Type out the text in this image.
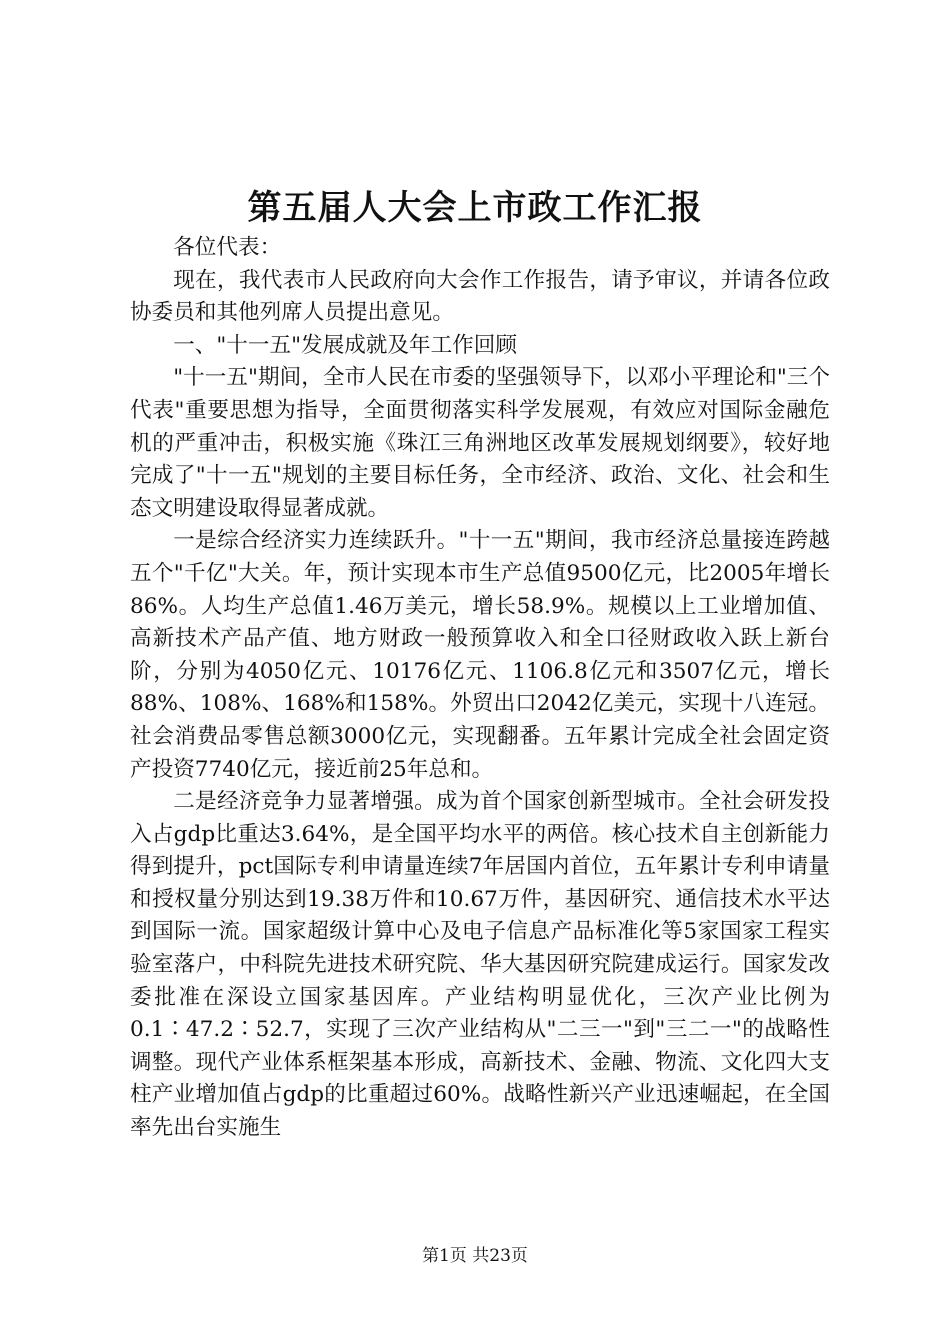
第五届人大会上市政工作汇报

各位代表：

现在，我代表市人民政府向大会作工作报告，请予审议，并请各位政协委员和其他列席人员提出意见。

一、"十一五"发展成就及年工作回顾

"十一五"期间，全市人民在市委的坚强领导下，以邓小平理论和"三个代表"重要思想为指导，全面贯彻落实科学发展观，有效应对国际金融危机的严重冲击，积极实施《珠江三角洲地区改革发展规划纲要》，较好地完成了"十一五"规划的主要目标任务，全市经济、政治、文化、社会和生态文明建设取得显著成就。

一是综合经济实力连续跃升。"十一五"期间，我市经济总量接连跨越五个"千亿"大关。年，预计实现本市生产总值9500亿元，比2005年增长86%。人均生产总值1.46万美元，增长58.9%。规模以上工业增加值、高新技术产品产值、地方财政一般预算收入和全口径财政收入跃上新台阶，分别为4050亿元、10176亿元、1106.8亿元和3507亿元，增长88%、108%、168%和158%。外贸出口2042亿美元，实现十八连冠。社会消费品零售总额3000亿元，实现翻番。五年累计完成全社会固定资产投资7740亿元，接近前25年总和。

二是经济竞争力显著增强。成为首个国家创新型城市。全社会研发投入占gdp比重达3.64%，是全国平均水平的两倍。核心技术自主创新能力得到提升，pct国际专利申请量连续7年居国内首位，五年累计专利申请量和授权量分别达到19.38万件和10.67万件，基因研究、通信技术水平达到国际一流。国家超级计算中心及电子信息产品标准化等5家国家工程实验室落户，中科院先进技术研究院、华大基因研究院建成运行。国家发改委批准在深设立国家基因库。产业结构明显优化，三次产业比例为0.1∶47.2∶52.7，实现了三次产业结构从"二三一"到"三二一"的战略性调整。现代产业体系框架基本形成，高新技术、金融、物流、文化四大支柱产业增加值占gdp的比重超过60%。战略性新兴产业迅速崛起，在全国率先出台实施生

第1页 共23页
